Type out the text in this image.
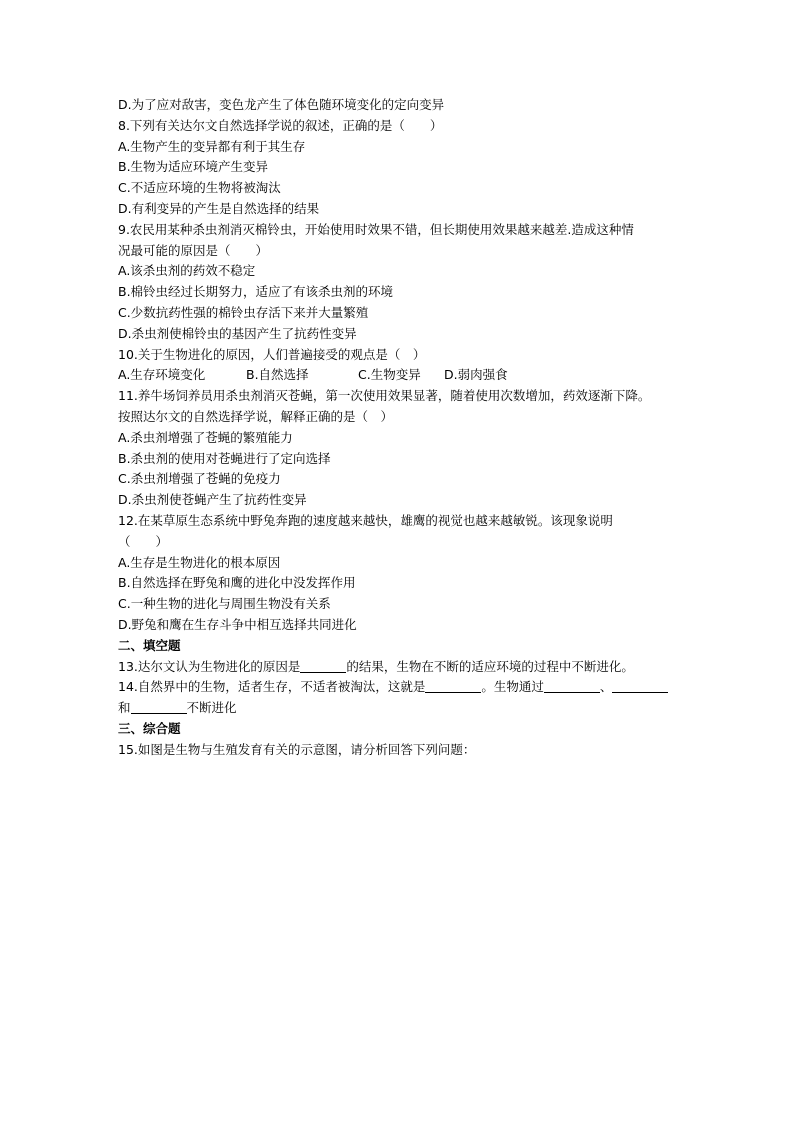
D.为了应对敌害，变色龙产生了体色随环境变化的定向变异
8.下列有关达尔文自然选择学说的叙述，正确的是（　　）
A.生物产生的变异都有利于其生存
B.生物为适应环境产生变异
C.不适应环境的生物将被淘汰
D.有利变异的产生是自然选择的结果
9.农民用某种杀虫剂消灭棉铃虫，开始使用时效果不错，但长期使用效果越来越差.造成这种情
况最可能的原因是（　　）
A.该杀虫剂的药效不稳定
B.棉铃虫经过长期努力，适应了有该杀虫剂的环境
C.少数抗药性强的棉铃虫存活下来并大量繁殖
D.杀虫剂使棉铃虫的基因产生了抗药性变异
10.关于生物进化的原因，人们普遍接受的观点是（　）
A.生存环境变化	B.自然选择	C.生物变异 D.弱肉强食
11.养牛场饲养员用杀虫剂消灭苍蝇，第一次使用效果显著，随着使用次数增加，药效逐渐下降。
按照达尔文的自然选择学说，解释正确的是（　）
A.杀虫剂增强了苍蝇的繁殖能力
B.杀虫剂的使用对苍蝇进行了定向选择
C.杀虫剂增强了苍蝇的免疫力
D.杀虫剂使苍蝇产生了抗药性变异
12.在某草原生态系统中野兔奔跑的速度越来越快，雄鹰的视觉也越来越敏锐。该现象说明
（　　）
A.生存是生物进化的根本原因
B.自然选择在野兔和鹰的进化中没发挥作用
C.一种生物的进化与周围生物没有关系
D.野兔和鹰在生存斗争中相互选择共同进化
二、填空题
13.达尔文认为生物进化的原因是	的结果，生物在不断的适应环境的过程中不断进化。
14.自然界中的生物，适者生存，不适者被淘汰，这就是	。生物通过	、
和	不断进化
三、综合题
15.如图是生物与生殖发育有关的示意图，请分析回答下列问题：
